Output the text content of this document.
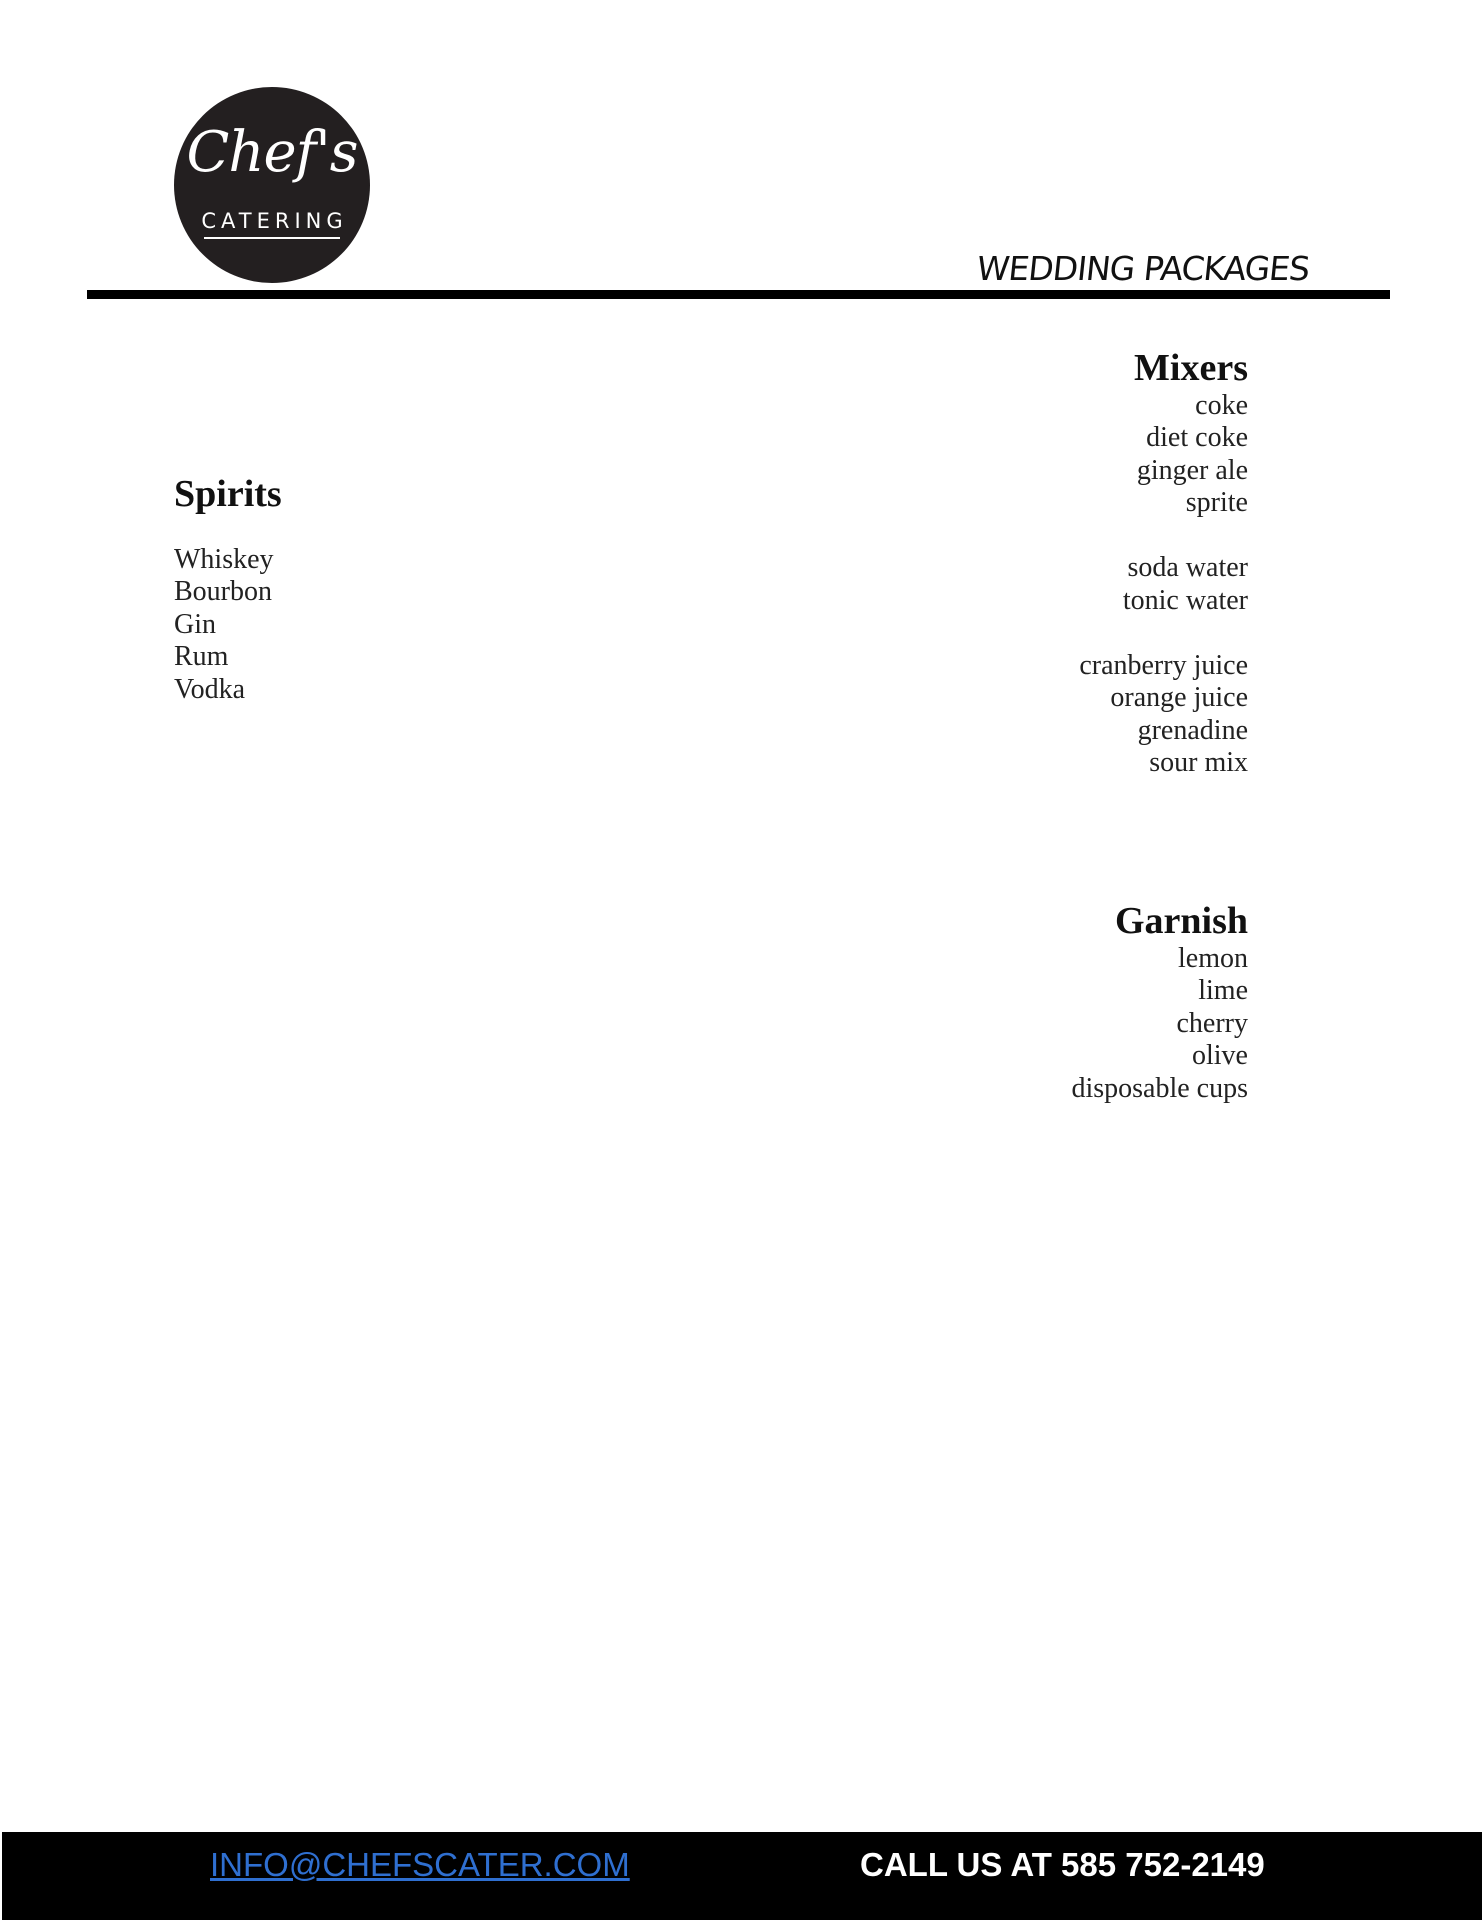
Chef's
CATERING
WEDDING PACKAGES
Spirits
Whiskey
Bourbon
Gin
Rum
Vodka
Mixers
coke
diet coke
ginger ale
sprite
soda water
tonic water
cranberry juice
orange juice
grenadine
sour mix
Garnish
lemon
lime
cherry
olive
disposable cups
INFO@CHEFSCATER.COM	CALL US AT 585 752-2149
